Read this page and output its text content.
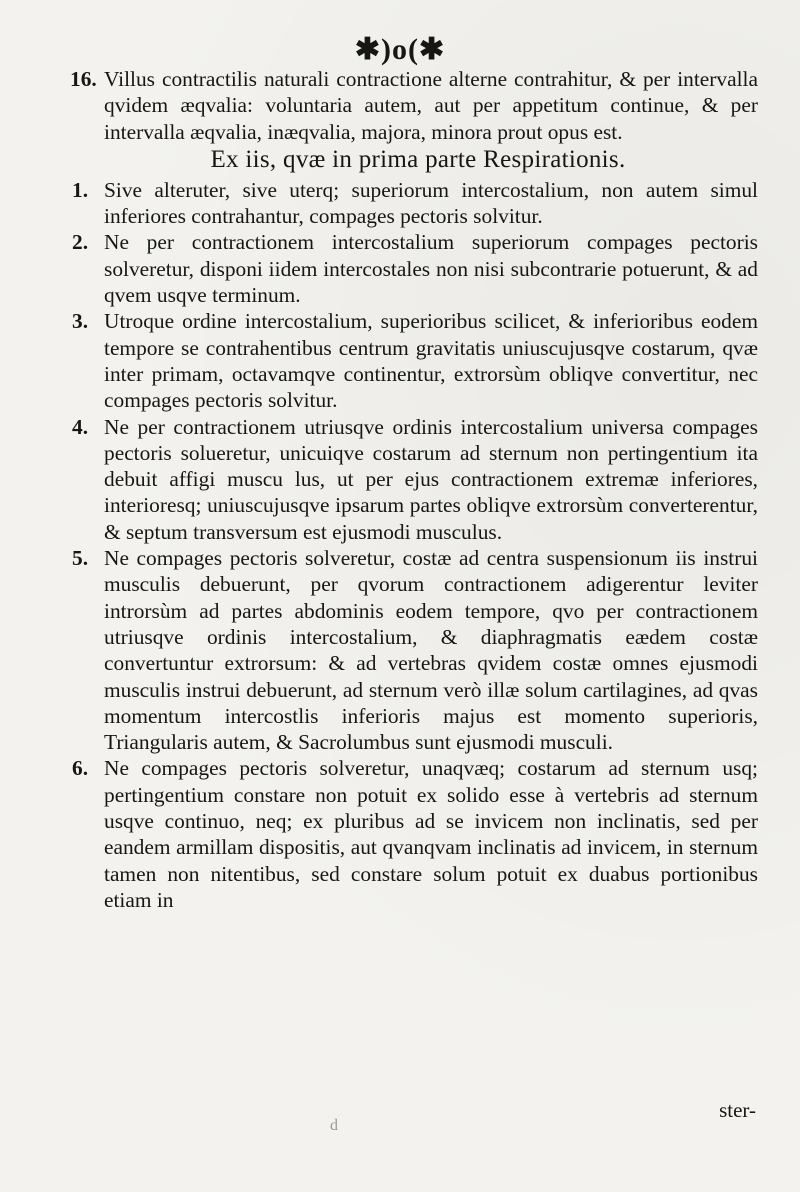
✱)o(✱

16. Villus contractilis naturali contractione alterne contrahitur, & per intervalla qvidem æqvalia: voluntaria autem, aut per appetitum continue, & per intervalla æqvalia, inæqvalia, majora, minora prout opus est.

Ex iis, qvæ in prima parte Respirationis.

1. Sive alteruter, sive uterq; superiorum intercostalium, non autem simul inferiores contrahantur, compages pectoris solvitur.

2. Ne per contractionem intercostalium superiorum compages pectoris solveretur, disponi iidem intercostales non nisi subcontrarie potuerunt, & ad qvem usqve terminum.

3. Utroque ordine intercostalium, superioribus scilicet, & inferioribus eodem tempore se contrahentibus centrum gravitatis uniuscujusqve costarum, qvæ inter primam, octavamqve continentur, extrorsùm obliqve convertitur, nec compages pectoris solvitur.

4. Ne per contractionem utriusqve ordinis intercostalium universa compages pectoris solueretur, unicuiqve costarum ad sternum non pertingentium ita debuit affigi muscu lus, ut per ejus contractionem extremæ inferiores, interioresq; uniuscujusqve ipsarum partes obliqve extrorsùm converterentur, & septum transversum est ejusmodi musculus.

5. Ne compages pectoris solveretur, costæ ad centra suspensionum iis instrui musculis debuerunt, per qvorum contractionem adigerentur leviter introrsùm ad partes abdominis eodem tempore, qvo per contractionem utriusqve ordinis intercostalium, & diaphragmatis eædem costæ convertuntur extrorsum: & ad vertebras qvidem costæ omnes ejusmodi musculis instrui debuerunt, ad sternum verò illæ solum cartilagines, ad qvas momentum intercostlis inferioris majus est momento superioris, Triangularis autem, & Sacrolumbus sunt ejusmodi musculi.

6. Ne compages pectoris solveretur, unaqvæq; costarum ad sternum usq; pertingentium constare non potuit ex solido esse à vertebris ad sternum usqve continuo, neq; ex pluribus ad se invicem non inclinatis, sed per eandem armillam dispositis, aut qvanqvam inclinatis ad invicem, in sternum tamen non nitentibus, sed constare solum potuit ex duabus portionibus etiam in

ster-
d
